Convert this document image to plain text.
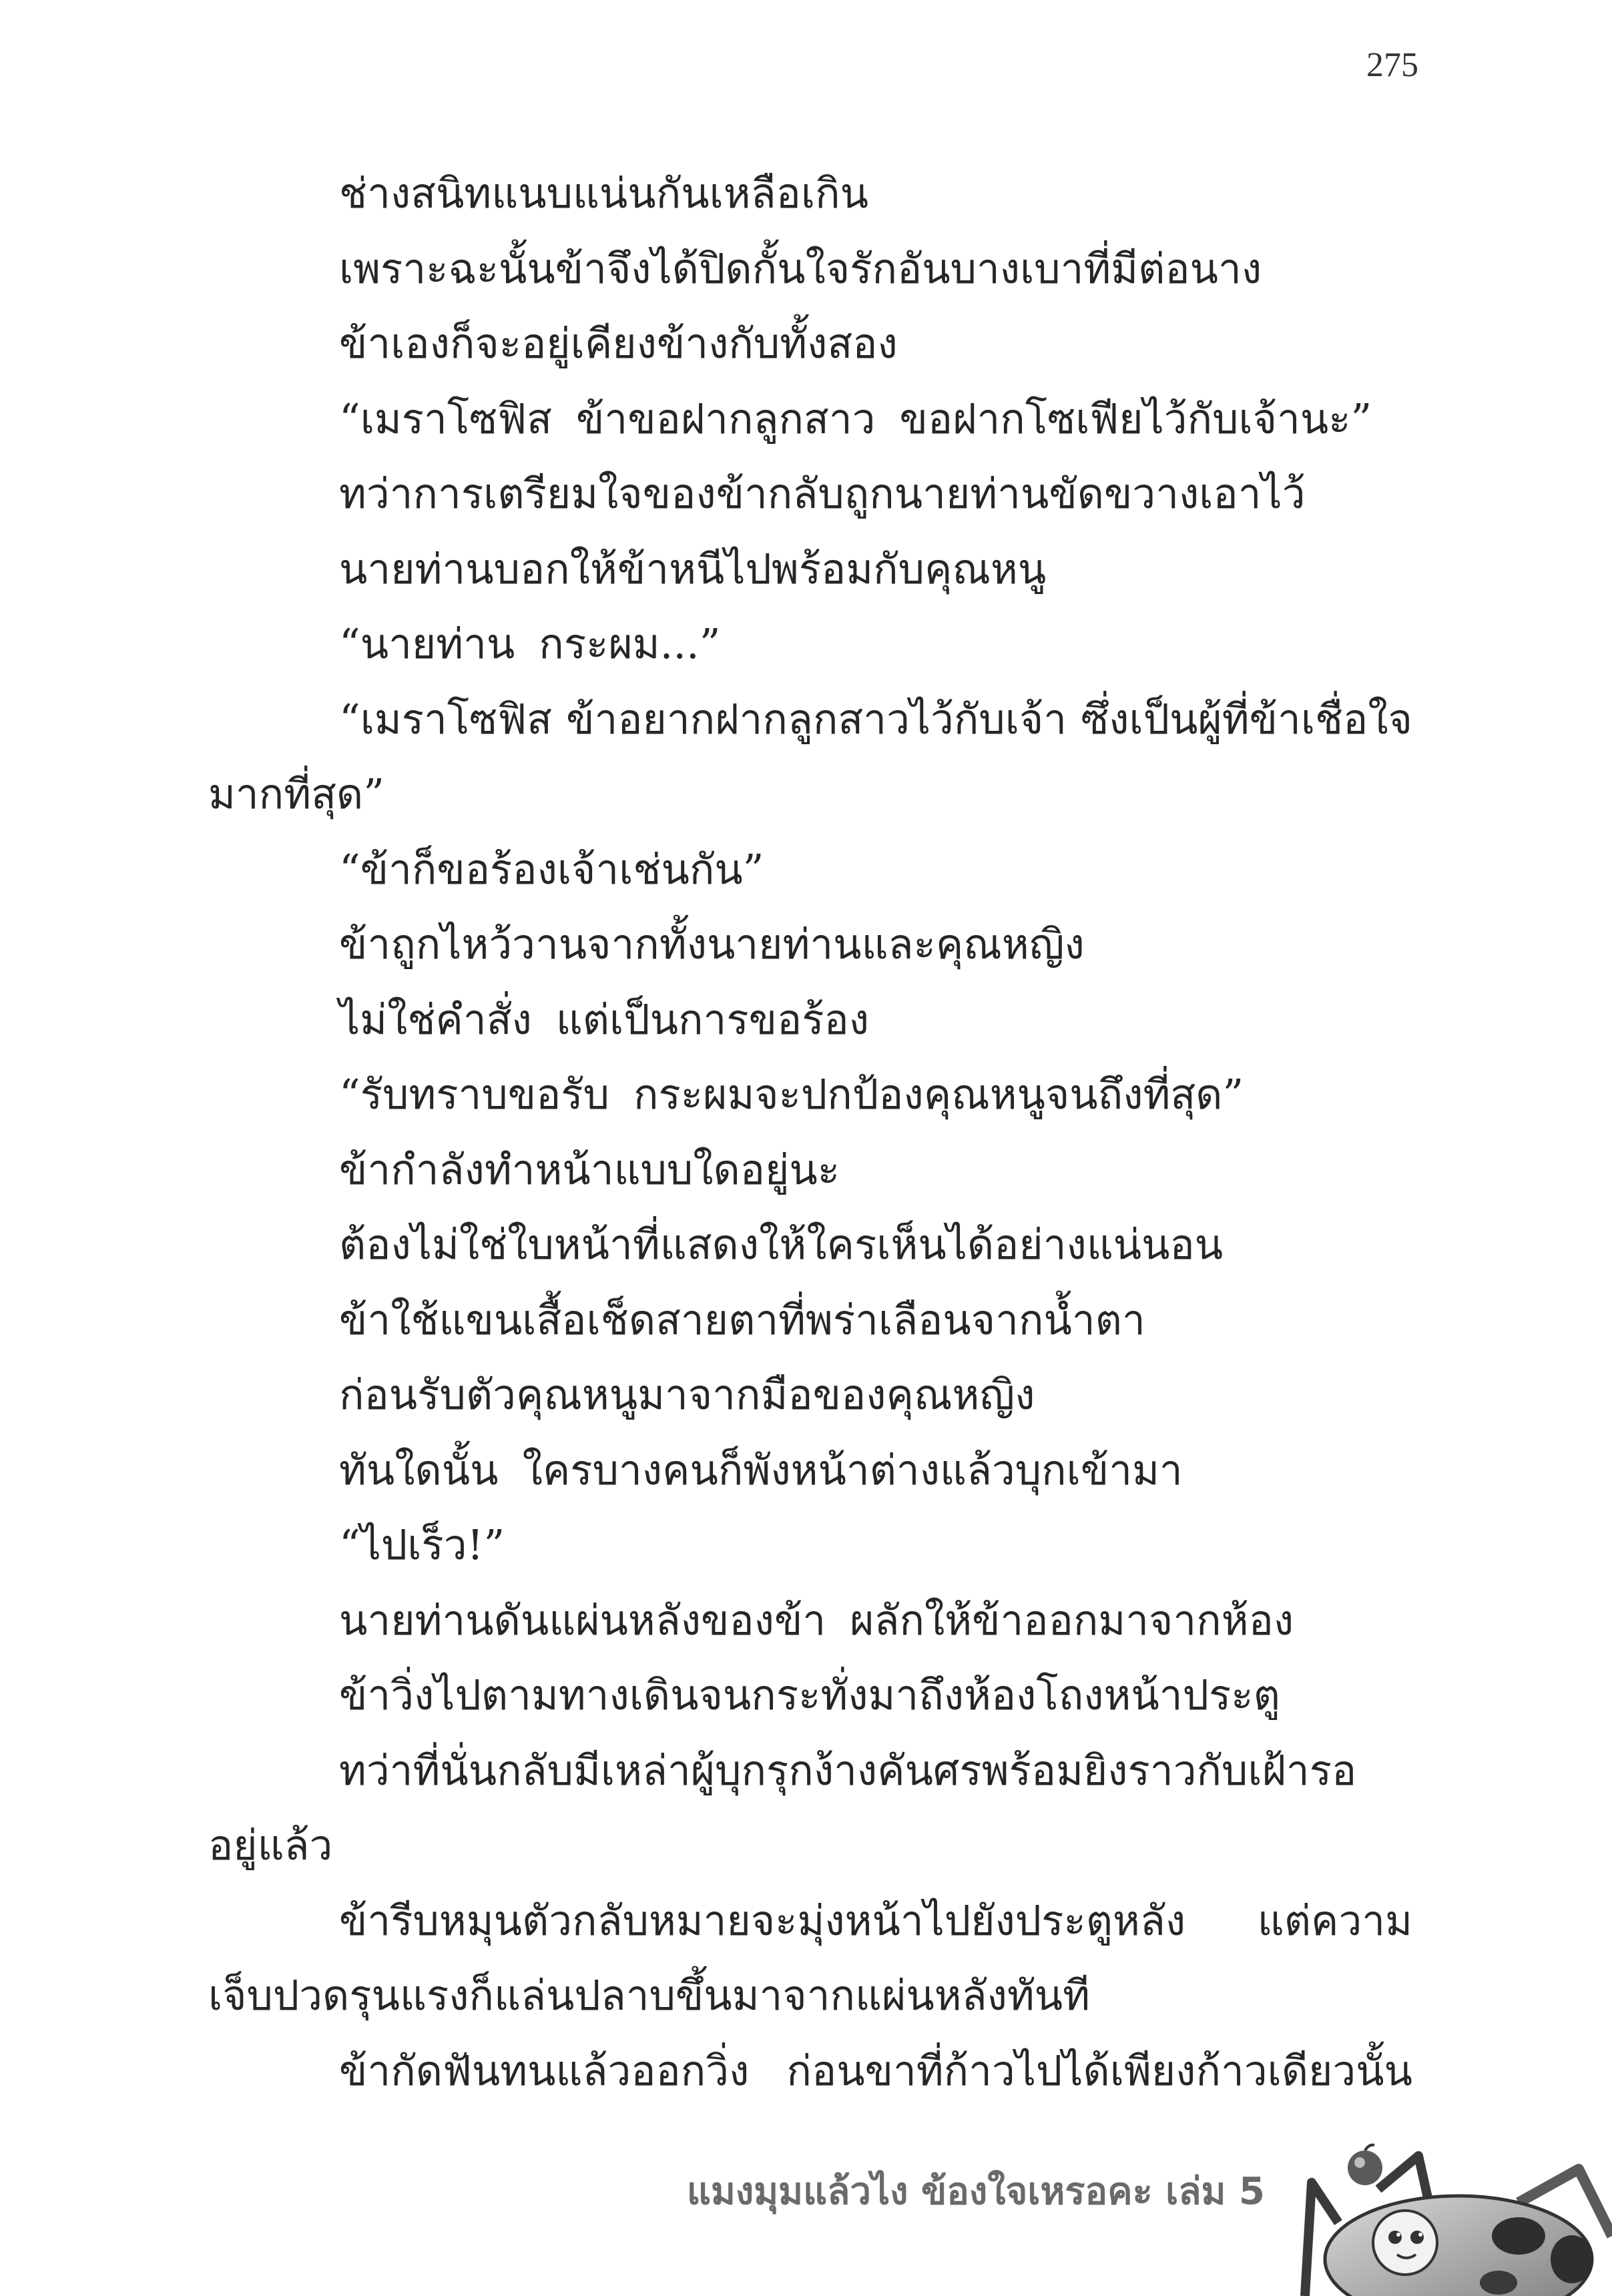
275
ช่างสนิทแนบแน่นกันเหลือเกิน
เพราะฉะนั้นข้าจึงได้ปิดกั้นใจรักอันบางเบาที่มีต่อนาง
ข้าเองก็จะอยู่เคียงข้างกับทั้งสอง
“เมราโซฟิส ข้าขอฝากลูกสาว ขอฝากโซเฟียไว้กับเจ้านะ”
ทว่าการเตรียมใจของข้ากลับถูกนายท่านขัดขวางเอาไว้
นายท่านบอกให้ข้าหนีไปพร้อมกับคุณหนู
“นายท่าน กระผม...”
“เมราโซฟิส ข้าอยากฝากลูกสาวไว้กับเจ้า ซึ่งเป็นผู้ที่ข้าเชื่อใจ
มากที่สุด”
“ข้าก็ขอร้องเจ้าเช่นกัน”
ข้าถูกไหว้วานจากทั้งนายท่านและคุณหญิง
ไม่ใช่คำสั่ง แต่เป็นการขอร้อง
“รับทราบขอรับ กระผมจะปกป้องคุณหนูจนถึงที่สุด”
ข้ากำลังทำหน้าแบบใดอยู่นะ
ต้องไม่ใช่ใบหน้าที่แสดงให้ใครเห็นได้อย่างแน่นอน
ข้าใช้แขนเสื้อเช็ดสายตาที่พร่าเลือนจากน้ำตา
ก่อนรับตัวคุณหนูมาจากมือของคุณหญิง
ทันใดนั้น ใครบางคนก็พังหน้าต่างแล้วบุกเข้ามา
“ไปเร็ว!”
นายท่านดันแผ่นหลังของข้า ผลักให้ข้าออกมาจากห้อง
ข้าวิ่งไปตามทางเดินจนกระทั่งมาถึงห้องโถงหน้าประตู
ทว่าที่นั่นกลับมีเหล่าผู้บุกรุกง้างคันศรพร้อมยิงราวกับเฝ้ารอ
อยู่แล้ว
ข้ารีบหมุนตัวกลับหมายจะมุ่งหน้าไปยังประตูหลัง แต่ความ
เจ็บปวดรุนแรงก็แล่นปลาบขึ้นมาจากแผ่นหลังทันที
ข้ากัดฟันทนแล้วออกวิ่ง ก่อนขาที่ก้าวไปได้เพียงก้าวเดียวนั้น
แมงมุมแล้วไง ข้องใจเหรอคะ เล่ม 5
